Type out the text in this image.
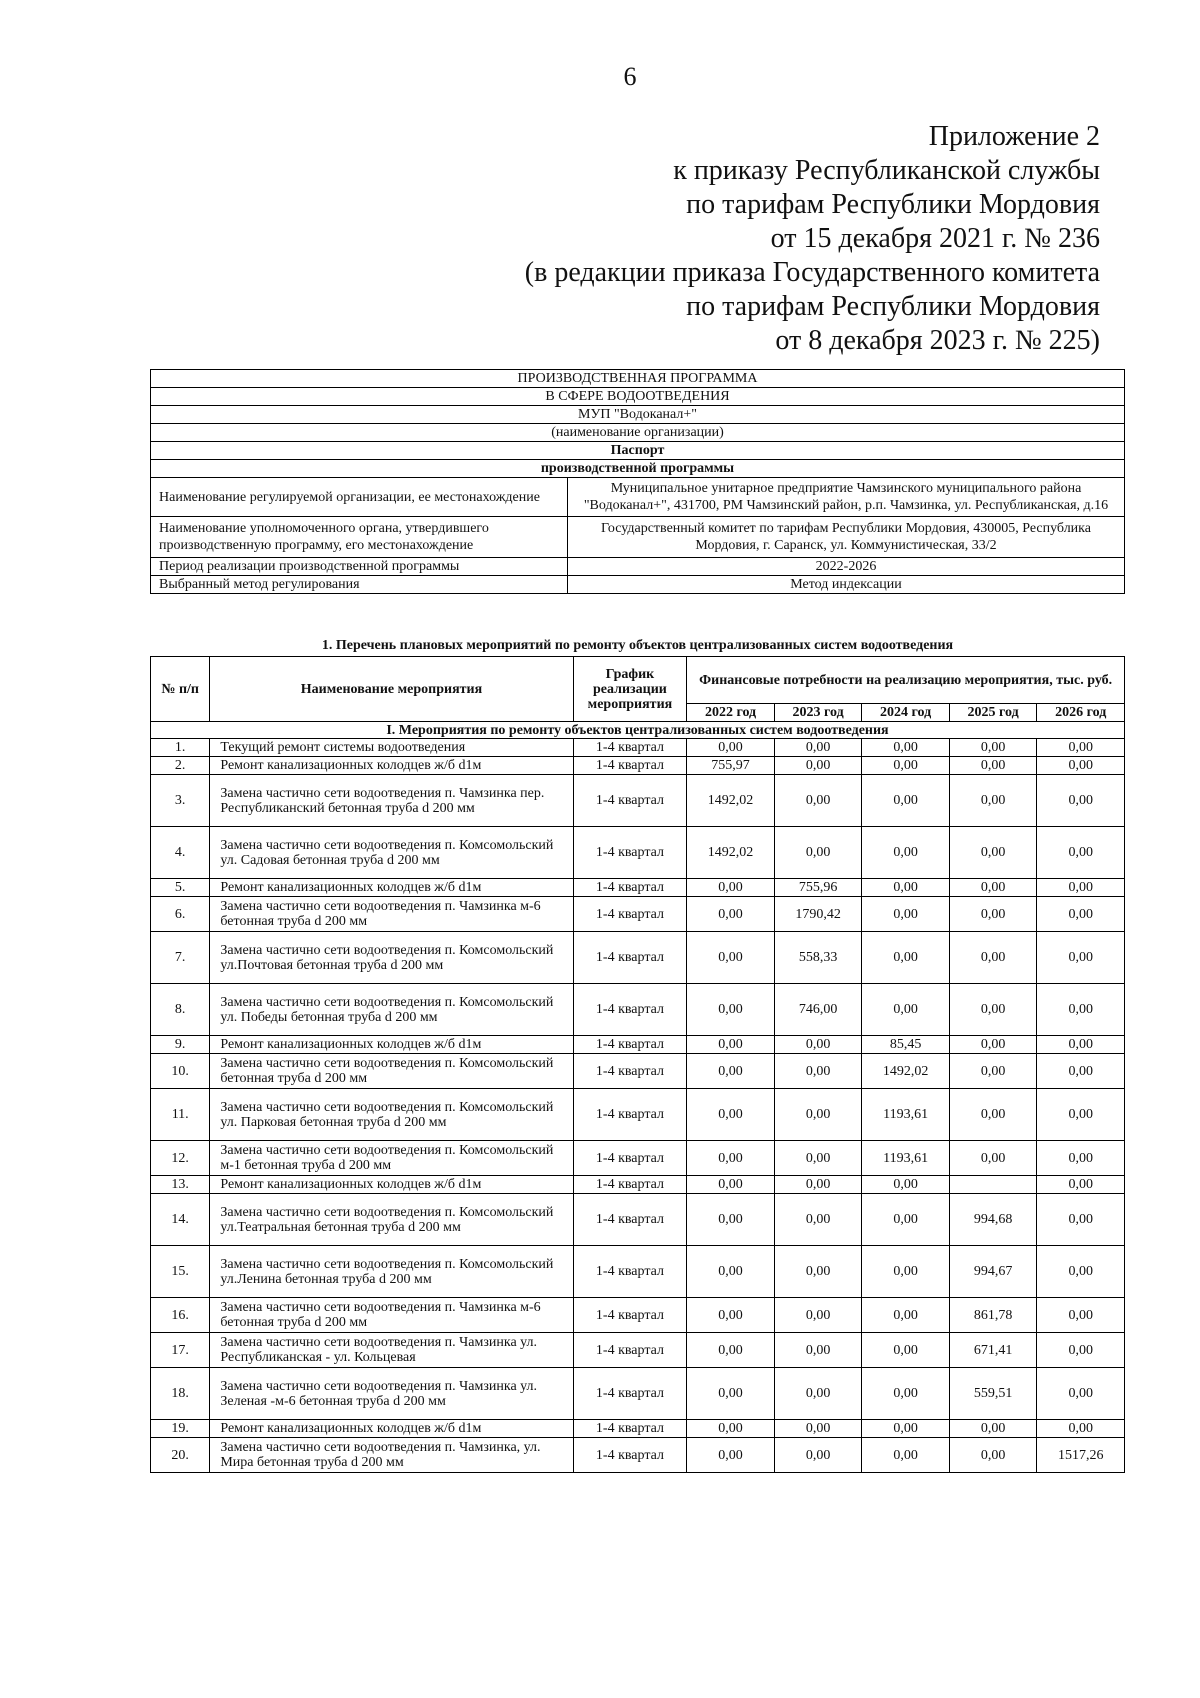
6
Приложение 2
к приказу Республиканской службы
по тарифам Республики Мордовия
от 15 декабря 2021 г. № 236
(в редакции приказа Государственного комитета
по тарифам Республики Мордовия
от 8 декабря 2023 г. № 225)
ПРОИЗВОДСТВЕННАЯ ПРОГРАММА	
В СФЕРЕ ВОДООТВЕДЕНИЯ	
МУП "Водоканал+"	
(наименование организации)	
Паспорт	
производственной программы	
Наименование регулируемой организации, ее местонахождение	Муниципальное унитарное предприятие Чамзинского муниципального района "Водоканал+", 431700, РМ Чамзинский район, р.п. Чамзинка, ул. Республиканская, д.16
Наименование уполномоченного органа, утвердившего производственную программу, его местонахождение	Государственный комитет по тарифам Республики Мордовия, 430005, Республика Мордовия, г. Саранск, ул. Коммунистическая, 33/2
Период реализации производственной программы	2022-2026
Выбранный метод регулирования	Метод индексации
1. Перечень плановых мероприятий по ремонту объектов централизованных систем водоотведения
№ п/п	Наименование мероприятия	График реализации мероприятия	Финансовые потребности на реализацию мероприятия, тыс. руб.				
			2022 год	2023 год	2024 год	2025 год	2026 год
I. Мероприятия по ремонту объектов централизованных систем водоотведения							
1.	Текущий ремонт системы водоотведения	1-4 квартал	0,00	0,00	0,00	0,00	0,00
2.	Ремонт канализационных колодцев ж/б d1м	1-4 квартал	755,97	0,00	0,00	0,00	0,00
3.	Замена частично сети водоотведения п. Чамзинка пер. Республиканский бетонная труба d 200 мм	1-4 квартал	1492,02	0,00	0,00	0,00	0,00
4.	Замена частично сети водоотведения п. Комсомольский ул. Садовая бетонная труба d 200 мм	1-4 квартал	1492,02	0,00	0,00	0,00	0,00
5.	Ремонт канализационных колодцев ж/б d1м	1-4 квартал	0,00	755,96	0,00	0,00	0,00
6.	Замена частично сети водоотведения п. Чамзинка м-6 бетонная труба d 200 мм	1-4 квартал	0,00	1790,42	0,00	0,00	0,00
7.	Замена частично сети водоотведения п. Комсомольский ул.Почтовая бетонная труба d 200 мм	1-4 квартал	0,00	558,33	0,00	0,00	0,00
8.	Замена частично сети водоотведения п. Комсомольский ул. Победы бетонная труба d 200 мм	1-4 квартал	0,00	746,00	0,00	0,00	0,00
9.	Ремонт канализационных колодцев ж/б d1м	1-4 квартал	0,00	0,00	85,45	0,00	0,00
10.	Замена частично сети водоотведения п. Комсомольский бетонная труба d 200 мм	1-4 квартал	0,00	0,00	1492,02	0,00	0,00
11.	Замена частично сети водоотведения п. Комсомольский ул. Парковая бетонная труба d 200 мм	1-4 квартал	0,00	0,00	1193,61	0,00	0,00
12.	Замена частично сети водоотведения п. Комсомольский м-1 бетонная труба d 200 мм	1-4 квартал	0,00	0,00	1193,61	0,00	0,00
13.	Ремонт канализационных колодцев ж/б d1м	1-4 квартал	0,00	0,00	0,00		0,00
14.	Замена частично сети водоотведения п. Комсомольский ул.Театральная бетонная труба d 200 мм	1-4 квартал	0,00	0,00	0,00	994,68	0,00
15.	Замена частично сети водоотведения п. Комсомольский ул.Ленина бетонная труба d 200 мм	1-4 квартал	0,00	0,00	0,00	994,67	0,00
16.	Замена частично сети водоотведения п. Чамзинка м-6 бетонная труба d 200 мм	1-4 квартал	0,00	0,00	0,00	861,78	0,00
17.	Замена частично сети водоотведения п. Чамзинка ул. Республиканская - ул. Кольцевая	1-4 квартал	0,00	0,00	0,00	671,41	0,00
18.	Замена частично сети водоотведения п. Чамзинка ул. Зеленая -м-6 бетонная труба d 200 мм	1-4 квартал	0,00	0,00	0,00	559,51	0,00
19.	Ремонт канализационных колодцев ж/б d1м	1-4 квартал	0,00	0,00	0,00	0,00	0,00
20.	Замена частично сети водоотведения п. Чамзинка, ул. Мира бетонная труба d 200 мм	1-4 квартал	0,00	0,00	0,00	0,00	1517,26
